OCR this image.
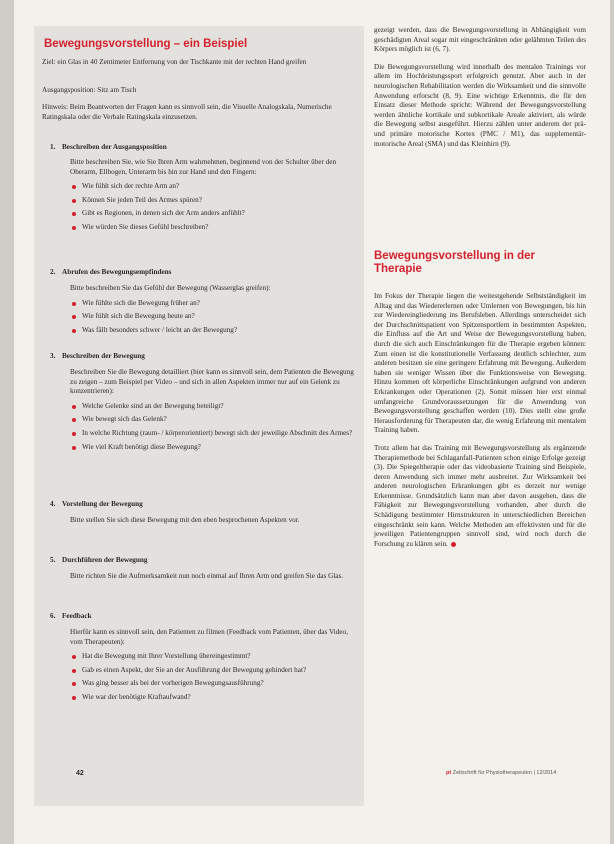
Bewegungsvorstellung – ein Beispiel
Ziel: ein Glas in 40 Zentimeter Entfernung von der Tischkante mit der rechten Hand greifen
Ausgangsposition: Sitz am Tisch
Hinweis: Beim Beantworten der Fragen kann es sinnvoll sein, die Visuelle Analogskala, Numerische Ratingskala oder die Verbale Ratingskala einzusetzen.
1. Beschreiben der Ausgangsposition
Bitte beschreiben Sie, wie Sie Ihren Arm wahrnehmen, beginnend von der Schulter über den Oberarm, Ellbogen, Unterarm bis hin zur Hand und den Fingern:
Wie fühlt sich der rechte Arm an?
Können Sie jeden Teil des Armes spüren?
Gibt es Regionen, in denen sich der Arm anders anfühlt?
Wie würden Sie dieses Gefühl beschreiben?
2. Abrufen des Bewegungsempfindens
Bitte beschreiben Sie das Gefühl der Bewegung (Wasserglas greifen):
Wie fühlte sich die Bewegung früher an?
Wie fühlt sich die Bewegung heute an?
Was fällt besonders schwer / leicht an der Bewegung?
3. Beschreiben der Bewegung
Beschreiben Sie die Bewegung detailliert (hier kann es sinnvoll sein, dem Patienten die Bewegung zu zeigen – zum Beispiel per Video – und sich in allen Aspekten immer nur auf ein Gelenk zu konzentrieren):
Welche Gelenke sind an der Bewegung beteiligt?
Wie bewegt sich das Gelenk?
In welche Richtung (raum- / körperorientiert) bewegt sich der jeweilige Abschnitt des Armes?
Wie viel Kraft benötigt diese Bewegung?
4. Vorstellung der Bewegung
Bitte stellen Sie sich diese Bewegung mit den eben besprochenen Aspekten vor.
5. Durchführen der Bewegung
Bitte richten Sie die Aufmerksamkeit nun noch einmal auf Ihren Arm und greifen Sie das Glas.
6. Feedback
Hierfür kann es sinnvoll sein, den Patienten zu filmen (Feedback vom Patienten, über das Video, vom Therapeuten):
Hat die Bewegung mit Ihrer Vorstellung übereingestimmt?
Gab es einen Aspekt, der Sie an der Ausführung der Bewegung gehindert hat?
Was ging besser als bei der vorherigen Bewegungsausführung?
Wie war der benötigte Kraftaufwand?

gezeigt werden, dass die Bewegungsvorstellung in Abhängigkeit vom geschädigten Areal sogar mit eingeschränkten oder gelähmten Teilen des Körpers möglich ist (6, 7).

Die Bewegungsvorstellung wird innerhalb des mentalen Trainings vor allem im Hochleistungssport erfolgreich genutzt. Aber auch in der neurologischen Rehabilitation werden die Wirksamkeit und die sinnvolle Anwendung erforscht (8, 9). Eine wichtige Erkenntnis, die für den Einsatz dieser Methode spricht: Während der Bewegungsvorstellung werden ähnliche kortikale und subkortikale Areale aktiviert, als würde die Bewegung selbst ausgeführt. Hierzu zählen unter anderem der prä- und primäre motorische Kortex (PMC / M1), das supplementär-motorische Areal (SMA) und das Kleinhirn (9).

Bewegungsvorstellung in der Therapie

Im Fokus der Therapie liegen die weitestgehende Selbstständigkeit im Alltag und das Wiedererlernen oder Umlernen von Bewegungen, bis hin zur Wiedereingliederung ins Berufsleben. Allerdings unterscheidet sich der Durchschnittspatient von Spitzensportlern in bestimmten Aspekten, die Einfluss auf die Art und Weise der Bewegungsvorstellung haben, durch die sich auch Einschränkungen für die Therapie ergeben können: Zum einen ist die konstitutionelle Verfassung deutlich schlechter, zum anderen besitzen sie eine geringere Erfahrung mit Bewegung. Außerdem haben sie weniger Wissen über die Funktionsweise von Bewegung. Hinzu kommen oft körperliche Einschränkungen aufgrund von anderen Erkrankungen oder Operationen (2). Somit müssen hier erst einmal umfangreiche Grundvoraussetzungen für die Anwendung von Bewegungsvorstellung geschaffen werden (10). Dies stellt eine große Herausforderung für Therapeuten dar, die wenig Erfahrung mit mentalem Training haben.

Trotz allem hat das Training mit Bewegungsvorstellung als ergänzende Therapiemethode bei Schlaganfall-Patienten schon einige Erfolge gezeigt (3). Die Spiegeltherapie oder das videobasierte Training sind Beispiele, deren Anwendung sich immer mehr ausbreitet. Zur Wirksamkeit bei anderen neurologischen Erkrankungen gibt es derzeit nur wenige Erkenntnisse. Grundsätzlich kann man aber davon ausgehen, dass die Fähigkeit zur Bewegungsvorstellung vorhanden, aber durch die Schädigung bestimmter Hirnstrukturen in unterschiedlichen Bereichen eingeschränkt sein kann. Welche Methoden am effektivsten und für die jeweiligen Patientengruppen sinnvoll sind, wird noch durch die Forschung zu klären sein.

42	pt Zeitschrift für Physiotherapeuten | 12/2014
